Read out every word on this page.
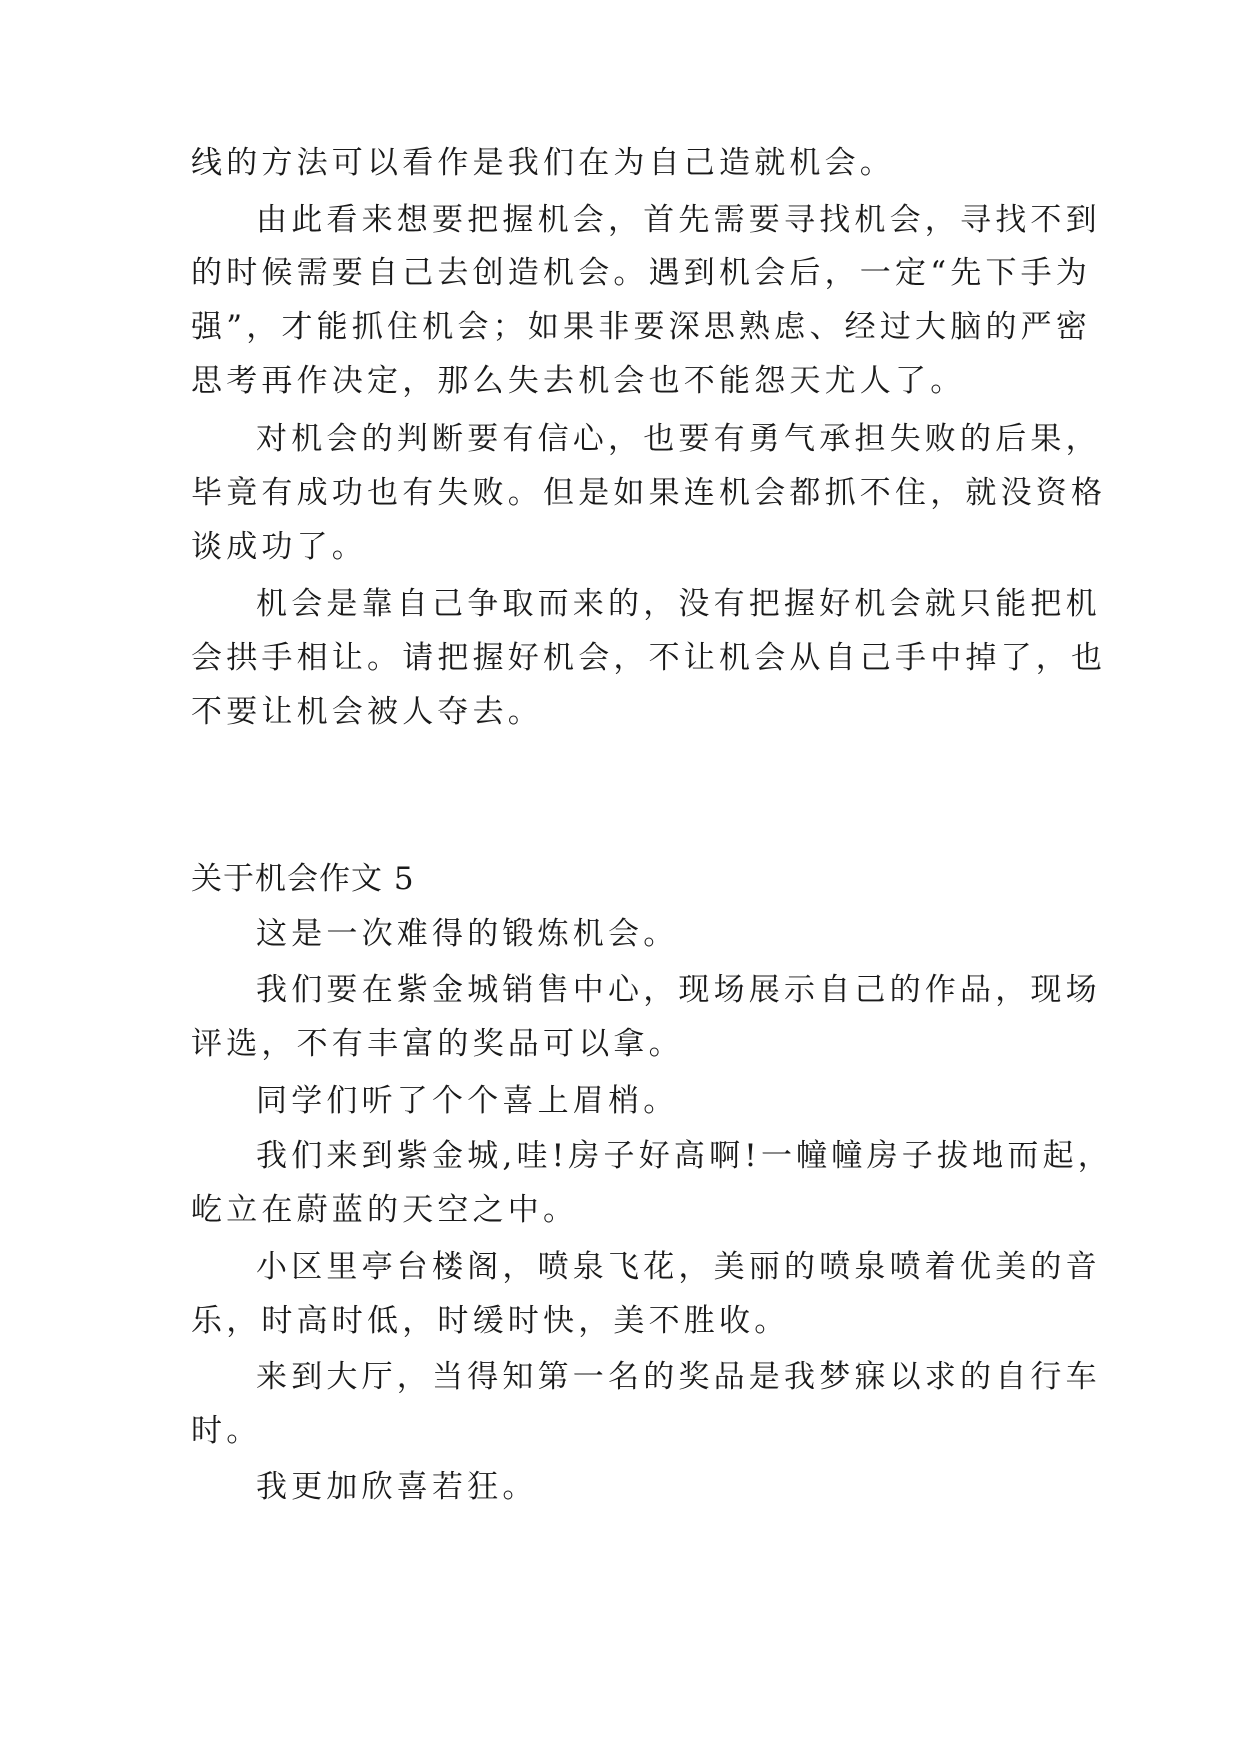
线的方法可以看作是我们在为自己造就机会。
由此看来想要把握机会，首先需要寻找机会，寻找不到
的时候需要自己去创造机会。遇到机会后，一定“先下手为
强”，才能抓住机会；如果非要深思熟虑、经过大脑的严密
思考再作决定，那么失去机会也不能怨天尤人了。
对机会的判断要有信心，也要有勇气承担失败的后果，
毕竟有成功也有失败。但是如果连机会都抓不住，就没资格
谈成功了。
机会是靠自己争取而来的，没有把握好机会就只能把机
会拱手相让。请把握好机会，不让机会从自己手中掉了，也
不要让机会被人夺去。
关于机会作文 5
这是一次难得的锻炼机会。
我们要在紫金城销售中心，现场展示自己的作品，现场
评选，不有丰富的奖品可以拿。
同学们听了个个喜上眉梢。
我们来到紫金城,哇!房子好高啊!一幢幢房子拔地而起，
屹立在蔚蓝的天空之中。
小区里亭台楼阁，喷泉飞花，美丽的喷泉喷着优美的音
乐，时高时低，时缓时快，美不胜收。
来到大厅，当得知第一名的奖品是我梦寐以求的自行车
时。
我更加欣喜若狂。
